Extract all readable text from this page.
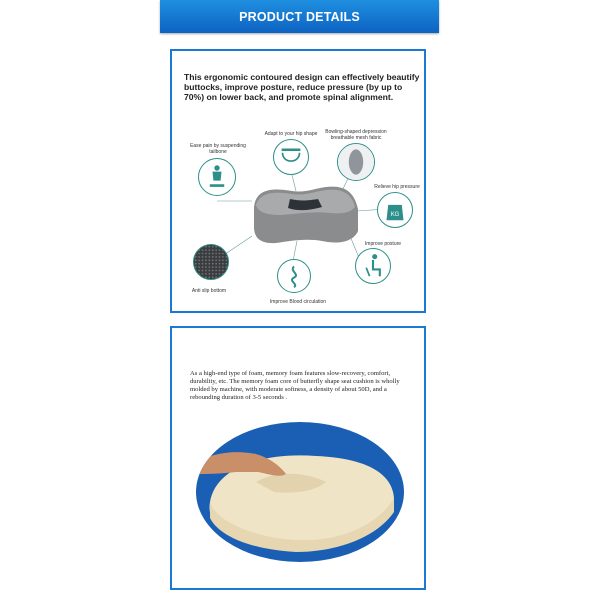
PRODUCT DETAILS
This ergonomic contoured design can effectively beautify buttocks, improve posture, reduce pressure (by up to 70%) on lower back, and promote spinal alignment.
Ease pain by suspending tailbone
Adapt to your hip shape	Bowling-shaped depression breathable mesh fabric
Relieve hip pressure
KG
Improve posture
Anti slip bottom
Improve Blood circulation
As a high-end type of foam, memory foam features slow-recovery, comfort, durability, etc. The memory foam core of butterfly shape seat cushion is wholly molded by machine, with moderate softness, a density of about 50D, and a rebounding duration of 3-5 seconds .
